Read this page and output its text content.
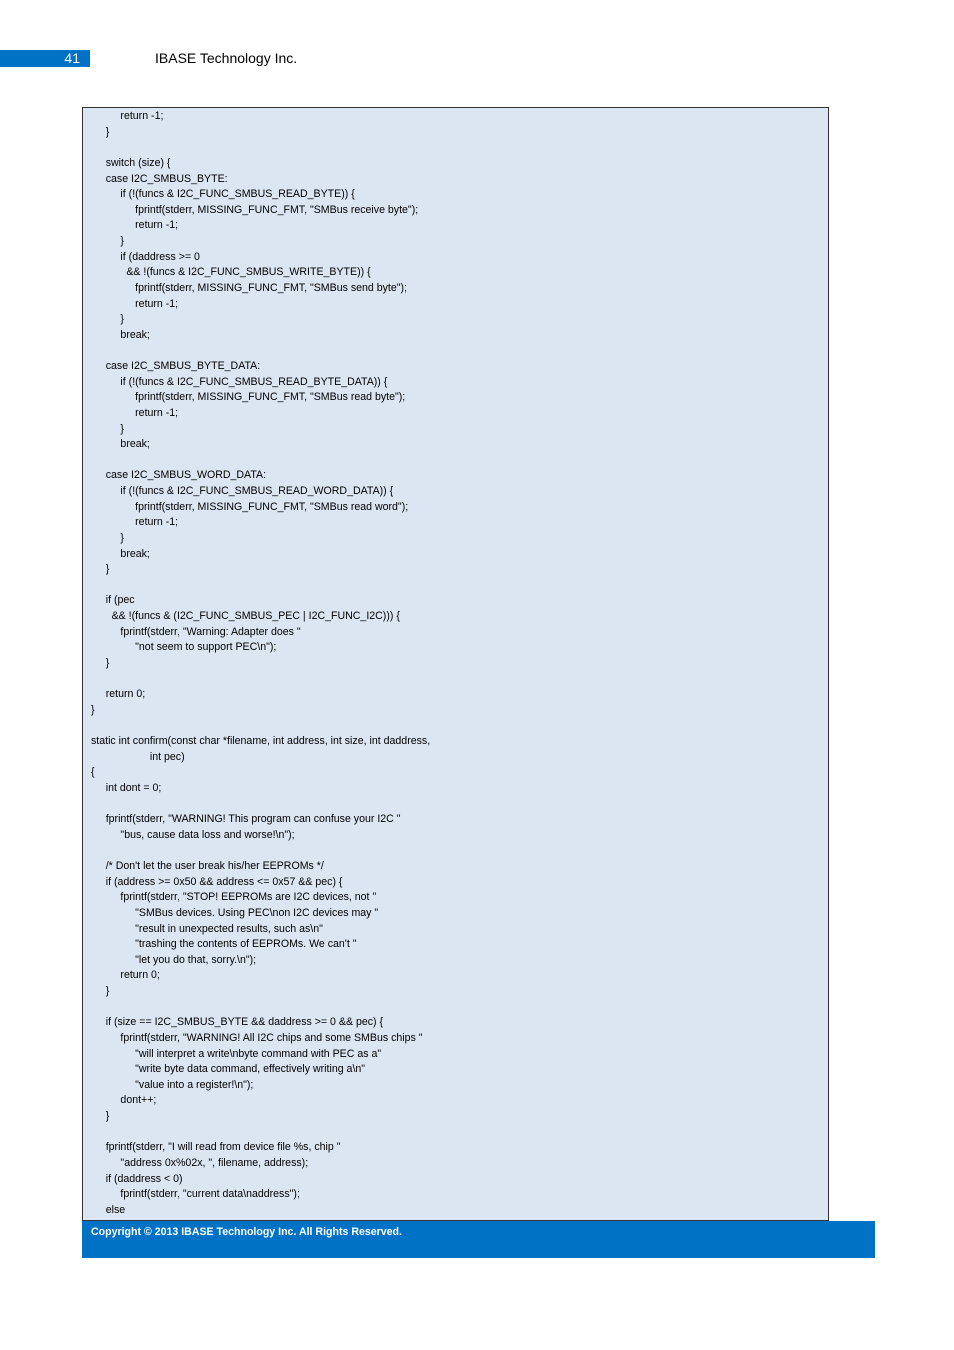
41	IBASE Technology Inc.
return -1;
}

switch (size) {
case I2C_SMBUS_BYTE:
if (!(funcs & I2C_FUNC_SMBUS_READ_BYTE)) {
fprintf(stderr, MISSING_FUNC_FMT, "SMBus receive byte");
return -1;
}
if (daddress >= 0
&& !(funcs & I2C_FUNC_SMBUS_WRITE_BYTE)) {
fprintf(stderr, MISSING_FUNC_FMT, "SMBus send byte");
return -1;
}
break;

case I2C_SMBUS_BYTE_DATA:
if (!(funcs & I2C_FUNC_SMBUS_READ_BYTE_DATA)) {
fprintf(stderr, MISSING_FUNC_FMT, "SMBus read byte");
return -1;
}
break;

case I2C_SMBUS_WORD_DATA:
if (!(funcs & I2C_FUNC_SMBUS_READ_WORD_DATA)) {
fprintf(stderr, MISSING_FUNC_FMT, "SMBus read word");
return -1;
}
break;
}

if (pec
&& !(funcs & (I2C_FUNC_SMBUS_PEC | I2C_FUNC_I2C))) {
fprintf(stderr, "Warning: Adapter does "
"not seem to support PEC\n");
}

return 0;
}

static int confirm(const char *filename, int address, int size, int daddress,
int pec)
{
int dont = 0;

fprintf(stderr, "WARNING! This program can confuse your I2C "
"bus, cause data loss and worse!\n");

/* Don't let the user break his/her EEPROMs */
if (address >= 0x50 && address <= 0x57 && pec) {
fprintf(stderr, "STOP! EEPROMs are I2C devices, not "
"SMBus devices. Using PEC\non I2C devices may "
"result in unexpected results, such as\n"
"trashing the contents of EEPROMs. We can't "
"let you do that, sorry.\n");
return 0;
}

if (size == I2C_SMBUS_BYTE && daddress >= 0 && pec) {
fprintf(stderr, "WARNING! All I2C chips and some SMBus chips "
"will interpret a write\nbyte command with PEC as a"
"write byte data command, effectively writing a\n"
"value into a register!\n");
dont++;
}

fprintf(stderr, "I will read from device file %s, chip "
"address 0x%02x, ", filename, address);
if (daddress < 0)
fprintf(stderr, "current data\naddress");
else

Copyright © 2013 IBASE Technology Inc. All Rights Reserved.
